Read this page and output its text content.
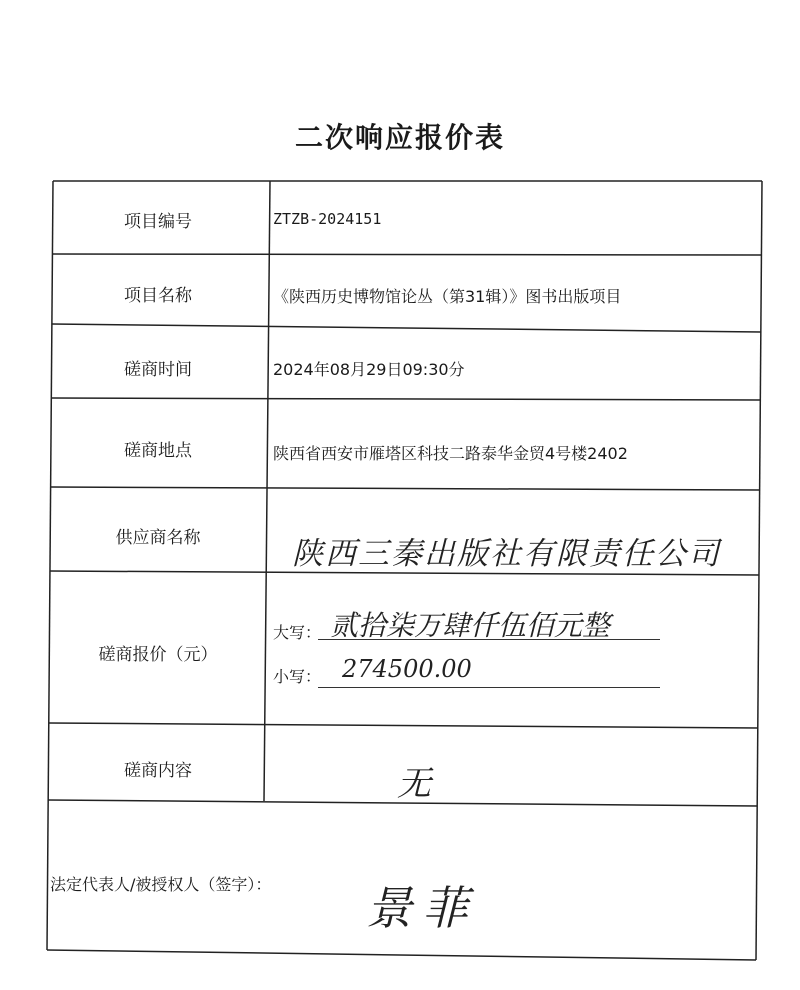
二次响应报价表
项目编号	ZTZB-2024151
项目名称	《陕西历史博物馆论丛（第31辑）》图书出版项目
磋商时间	2024年08月29日09:30分
磋商地点	陕西省西安市雁塔区科技二路泰华金贸4号楼2402
供应商名称	陕西三秦出版社有限责任公司
磋商报价（元）
大写： 贰拾柒万肆仟伍佰元整
小写： 274500.00
磋商内容	无
法定代表人/被授权人（签字）： 景菲
